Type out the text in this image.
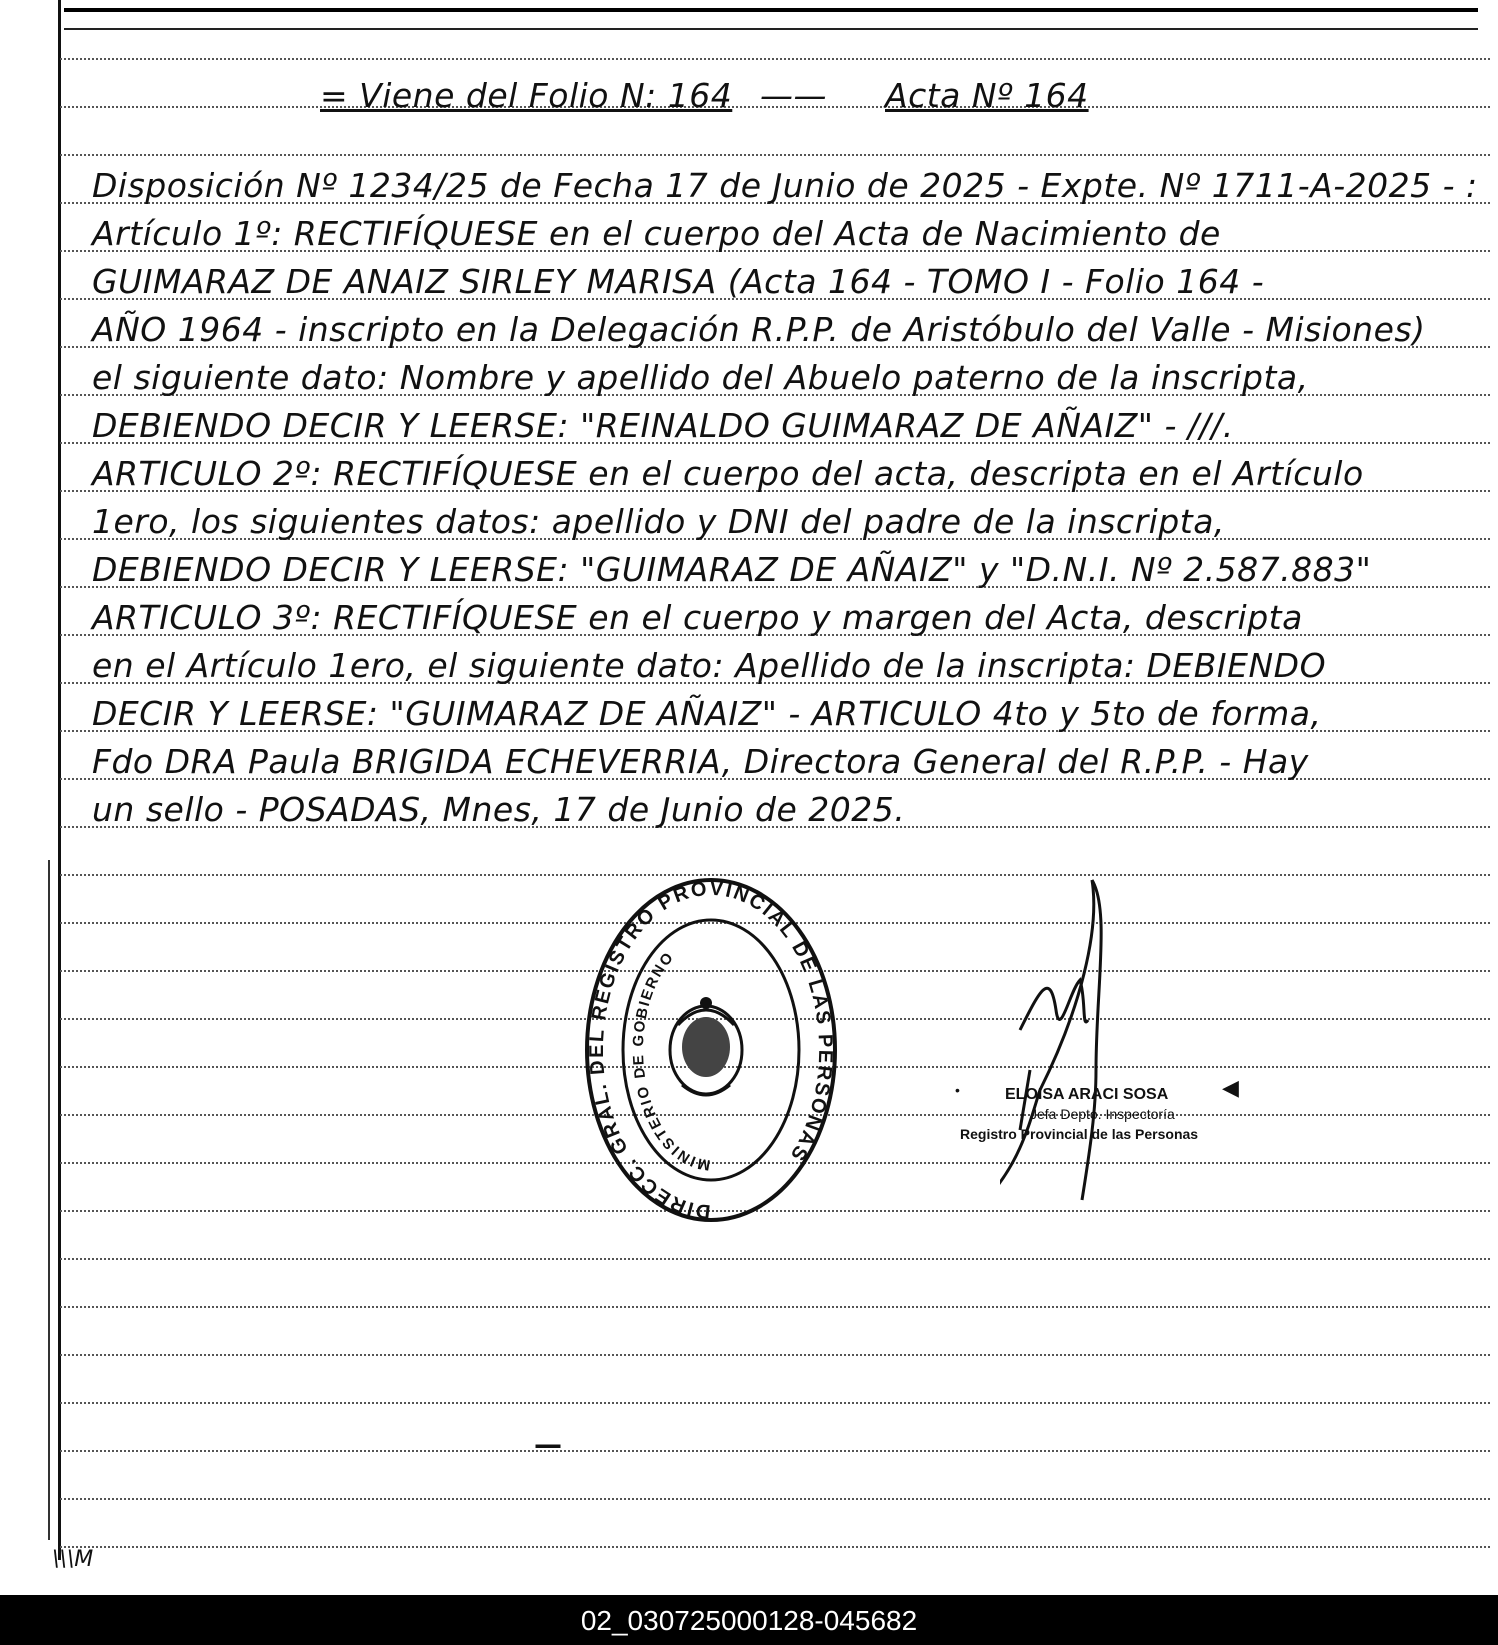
= Viene del Folio N: 164 —— Acta Nº 164
Disposición Nº 1234/25 de Fecha 17 de Junio de 2025 - Expte. Nº 1711-A-2025 - :
Artículo 1º: RECTIFÍQUESE en el cuerpo del Acta de Nacimiento de
GUIMARAZ DE ANAIZ SIRLEY MARISA (Acta 164 - TOMO I - Folio 164 -
AÑO 1964 - inscripto en la Delegación R.P.P. de Aristóbulo del Valle - Misiones)
el siguiente dato: Nombre y apellido del Abuelo paterno de la inscripta,
DEBIENDO DECIR Y LEERSE: "REINALDO GUIMARAZ DE AÑAIZ" - ///.
ARTICULO 2º: RECTIFÍQUESE en el cuerpo del acta, descripta en el Artículo
1ero, los siguientes datos: apellido y DNI del padre de la inscripta,
DEBIENDO DECIR Y LEERSE: "GUIMARAZ DE AÑAIZ" y "D.N.I. Nº 2.587.883"
ARTICULO 3º: RECTIFÍQUESE en el cuerpo y margen del Acta, descripta
en el Artículo 1ero, el siguiente dato: Apellido de la inscripta: DEBIENDO
DECIR Y LEERSE: "GUIMARAZ DE AÑAIZ" - ARTICULO 4to y 5to de forma,
Fdo DRA Paula BRIGIDA ECHEVERRIA, Directora General del R.P.P. - Hay
un sello - POSADAS, Mnes, 17 de Junio de 2025.
DIRECC. GRAL. DEL REGISTRO PROVINCIAL DE LAS PERSONAS
MINISTERIO DE GOBIERNO
•	ELOISA ARACI SOSA
Jefa Depto. Inspectoría
Registro Provincial de las Personas
◀
—
\\\M
02_030725000128-045682
